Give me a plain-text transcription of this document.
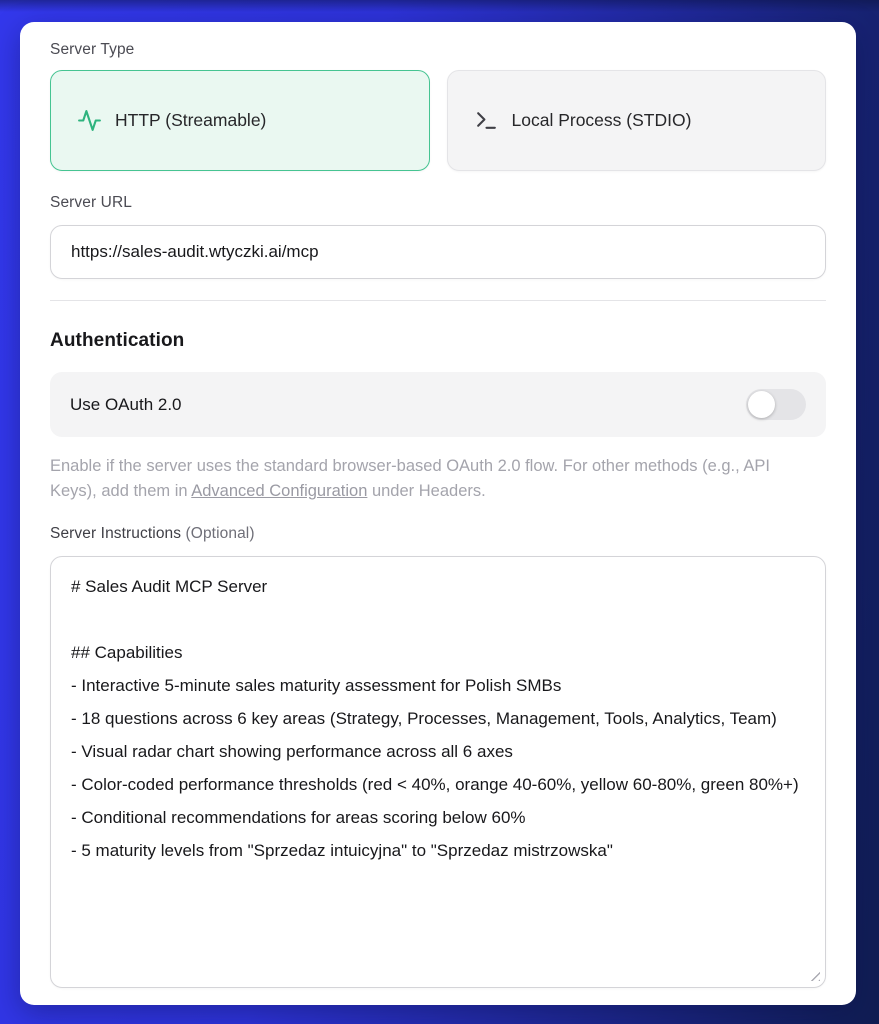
Server Type
HTTP (Streamable)	Local Process (STDIO)
Server URL
https://sales-audit.wtyczki.ai/mcp
Authentication
Use OAuth 2.0

Enable if the server uses the standard browser-based OAuth 2.0 flow. For other methods (e.g., API Keys), add them in Advanced Configuration under Headers.

Server Instructions (Optional)
# Sales Audit MCP Server ## Capabilities - Interactive 5-minute sales maturity assessment for Polish SMBs - 18 questions across 6 key areas (Strategy, Processes, Management, Tools, Analytics, Team) - Visual radar chart showing performance across all 6 axes - Color-coded performance thresholds (red < 40%, orange 40-60%, yellow 60-80%, green 80%+) - Conditional recommendations for areas scoring below 60% - 5 maturity levels from "Sprzedaz intuicyjna" to "Sprzedaz mistrzowska"
